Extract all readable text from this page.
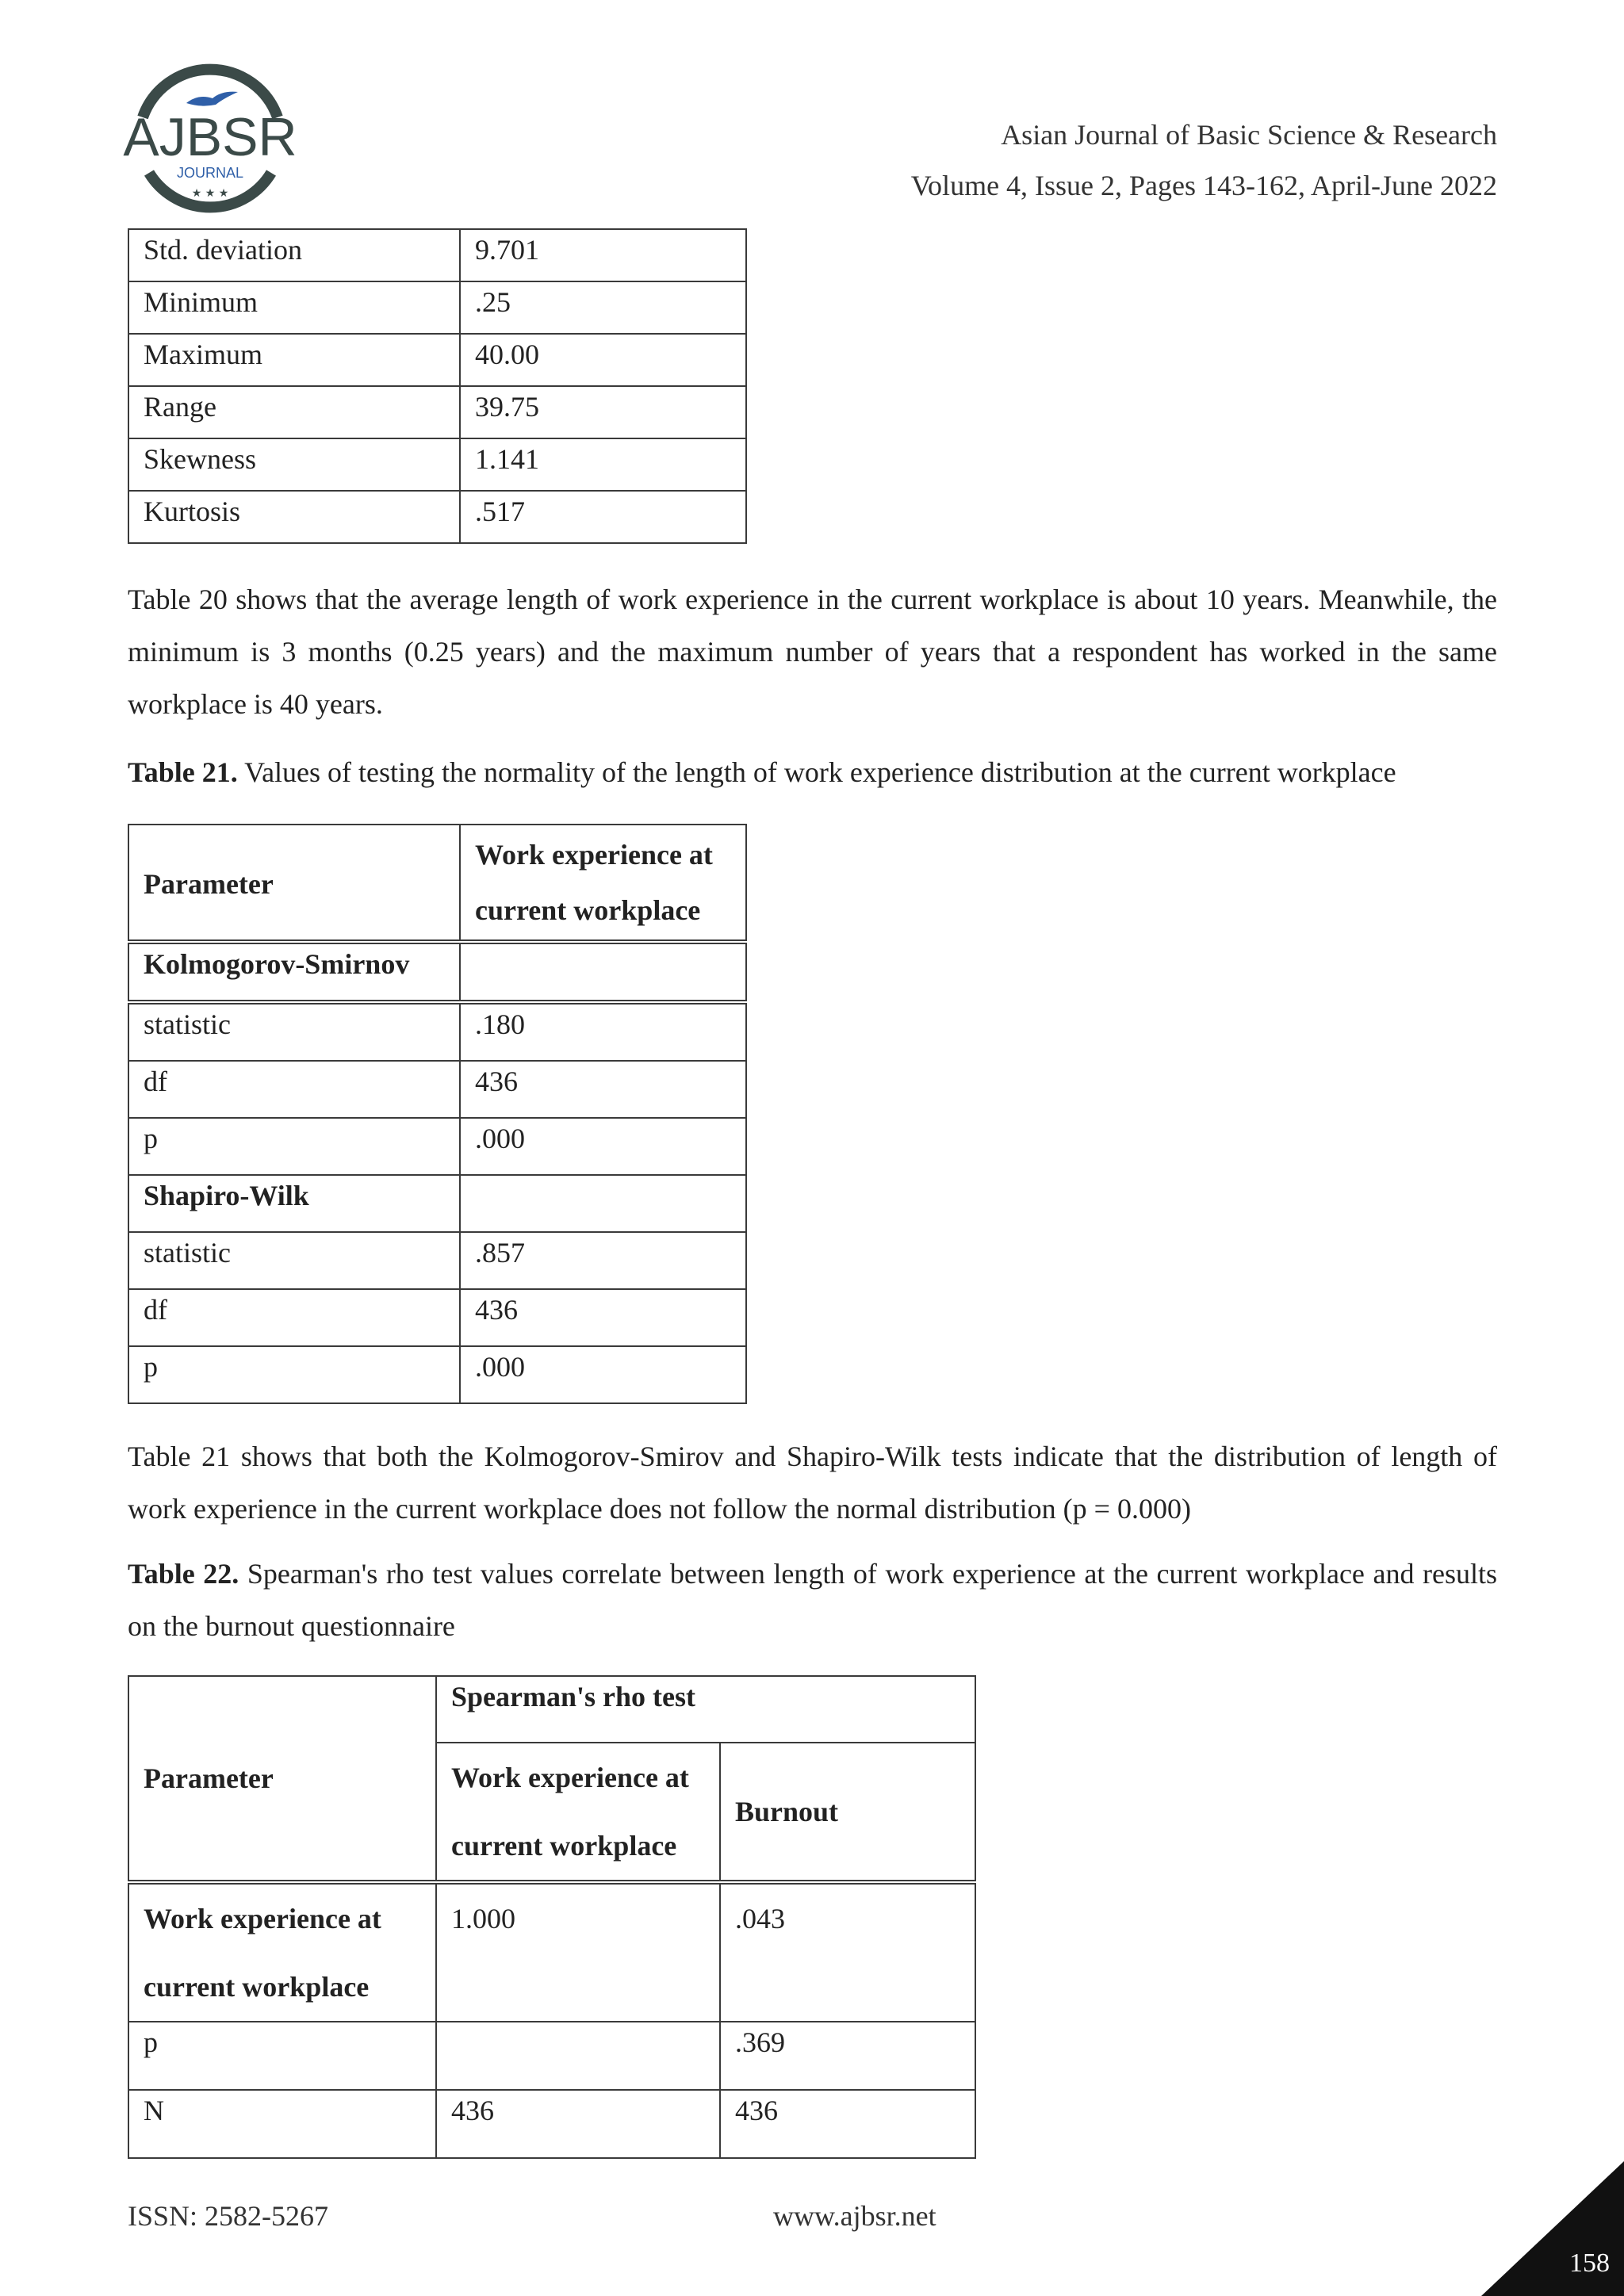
AJBSR
JOURNAL
★ ★ ★
Asian Journal of Basic Science & Research
Volume 4, Issue 2, Pages 143-162, April-June 2022
Std. deviation	9.701
Minimum	.25
Maximum	40.00
Range	39.75
Skewness	1.141
Kurtosis	.517
Table 20 shows that the average length of work experience in the current workplace is about 10 years. Meanwhile, the minimum is 3 months (0.25 years) and the maximum number of years that a respondent has worked in the same workplace is 40 years.
Table 21. Values of testing the normality of the length of work experience distribution at the current workplace
Parameter	Work experience at current workplace
Kolmogorov-Smirnov	
statistic	.180
df	436
p	.000
Shapiro-Wilk	
statistic	.857
df	436
p	.000
Table 21 shows that both the Kolmogorov-Smirov and Shapiro-Wilk tests indicate that the distribution of length of work experience in the current workplace does not follow the normal distribution (p = 0.000)
Table 22. Spearman's rho test values correlate between length of work experience at the current workplace and results on the burnout questionnaire
Parameter	Spearman's rho test	
	Work experience at current workplace	Burnout
Work experience at current workplace	1.000	.043
p		.369
N	436	436
ISSN: 2582-5267	www.ajbsr.net
158
